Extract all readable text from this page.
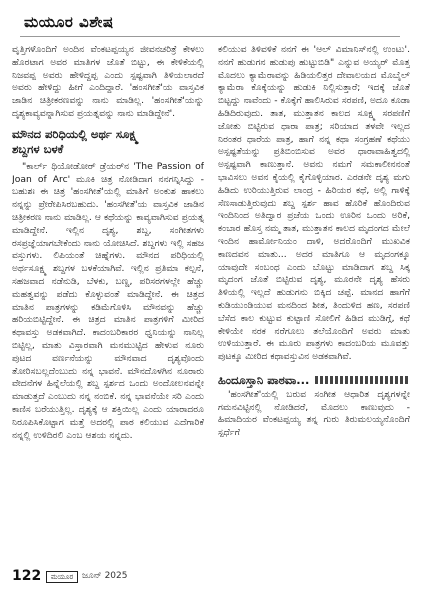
ಮಯೂರ ವಿಶೇಷ

ವೃತ್ತಿಗಳೊಂದಿಗೆ ಅಂದಿನ ವೆಂಕಟಪ್ಪಯ್ಯನ ಜೀವನಚರಿತ್ರೆ ಕೇಳಲು ಹೊರಟಾಗ ಅವರ ಮಾತಿಗಳ ಜೊತೆ ಬಿಟ್ಟು, ಈ ಕೇಳಿಕೆಯಲ್ಲಿ ನಿಜವಪ್ಪ ಅವರು ಹೇಳಿದ್ದಪ್ಪ ಎಂದು ಸ್ಪಷ್ಟವಾಗಿ ತಿಳಿಯಲಾರದೆ ಅವರು ಹೇಳಿದ್ದು ಹೀಗೆ ಎಂದಿದ್ದಾರೆ. 'ಹಂಸಗೀತೆ'ಯ ವಾಸ್ತವಿಕ ಜಾಡಿನ ಚಿತ್ರೀಕರಣವನ್ನು ನಾನು ಮಾಡಿಲ್ಲ. 'ಹಂಸಗೀತೆ'ಯನ್ನು ದೃಶ್ಯಕಾವ್ಯವನ್ನಾಗಿಸುವ ಪ್ರಯತ್ನವನ್ನು ನಾನು ಮಾಡಿದ್ದೇನೆ'.

ಮೌನದ ಪರಿಧಿಯಲ್ಲಿ ಅರ್ಥ ಸೂಕ್ಷ್ಮ
ಶಬ್ದಗಳ ಬಳಕೆ

"ಕಾರ್ಲ್ ಥಿಯೋಡೋರ್ ಡ್ರೆಯರ್‌ನ 'The Passion of Joan of Arc' ಮೂಕಿ ಚಿತ್ರ ನೋಡಿದಾಗ ನನಗನ್ನಿಸಿದ್ದು - ಬಹುಶಃ ಈ ಚಿತ್ರ 'ಹಂಸಗೀತೆ'ಯಲ್ಲಿ ಮಾತಿಗೆ ಅಂಕುಶ ಹಾಕಲು ನನ್ನನ್ನು ಪ್ರೇರೇಪಿಸಿರಬಹುದು. 'ಹಂಸಗೀತೆ'ಯ ವಾಸ್ತವಿಕ ಜಾಡಿನ ಚಿತ್ರೀಕರಣ ನಾನು ಮಾಡಿಲ್ಲ. ಆ ಕಥೆಯನ್ನು ಕಾವ್ಯವಾಗಿಸುವ ಪ್ರಯತ್ನ ಮಾಡಿದ್ದೇನೆ. ಇಲ್ಲಿನ ದೃಶ್ಯ, ಶಬ್ದ, ಸಂಗೀತಗಳು ರಸಪ್ರಜ್ಞೆಯಾಗಬೇಕೆಂದು ನಾನು ಯೋಚಿಸಿದೆ. ಶಬ್ದಗಳು ಇಲ್ಲಿ ಸಹಜ ವಸ್ತುಗಳು. ಲಿಪಿಯಂತೆ ಚಿಹ್ನೆಗಳು. ಮೌನದ ಪರಿಧಿಯಲ್ಲಿ ಅರ್ಥಸೂಕ್ಷ್ಮ ಶಬ್ದಗಳ ಬಳಕೆಯಾಗಿವೆ. ಇಲ್ಲಿನ ಪ್ರತಿಮಾ ಕಲ್ಪನೆ, ಸಹಜವಾದ ನಡೆನುಡಿ, ಬೆಳಕು, ಬಣ್ಣ, ಪರಿಸರಗಳಲ್ಲೇ ಹೆಚ್ಚು ಮಹತ್ವವನ್ನು ಪಡೆದು ಕೊಳ್ಳುವಂತೆ ಮಾಡಿದ್ದೇನೆ. ಈ ಚಿತ್ರದ ಮಾತಿನ ಪಾತ್ರಗಳನ್ನು ಕಡಿಮೆಗೊಳಿಸಿ ಮೌನವನ್ನು ಹೆಚ್ಚು ಹರಿಯಬಿಟ್ಟಿದ್ದೇನೆ. ಈ ಚಿತ್ರದ ಮಾತಿನ ಪಾತ್ರಗಳಿಗೆ ಮೀರಿದ ಕಥಾವಸ್ತು ಅಡಕವಾಗಿದೆ. ಕಾದಂಬರಿಕಾರರ ಧ್ವನಿಯನ್ನು ನಾನಿಲ್ಲ ಬಿಟ್ಟಿಲ್ಲ, ಮಾತು ವಿಸ್ತಾರವಾಗಿ ಮನಮುಟ್ಟಿದ ಹೇಳುವ ನೂರು ಪುಟದ ವರ್ಣನೆಯನ್ನು ಮೌನವಾದ ದೃಶ್ಯವೊಂದು ತೋರಿಸಬಲ್ಲದೆಂಬುದು ನನ್ನ ಭಾವನೆ. ಮೌನದೊಳಗಿನ ನೂರಾರು ವೇದನೆಗಳ ಹಿನ್ನೆಲೆಯಲ್ಲಿ ಶಬ್ದ ಸ್ಪರ್ಶದ ಒಂದು ಅಂದೋಲನವನ್ನೇ ಮಾಡುತ್ತದೆ ಎಂಬುದು ನನ್ನ ನಂಬಿಕೆ. ನನ್ನ ಭಾವನೆಯೇ ಸರಿ ಎಂದು ಕಾಣಿಸ ಬರೆಯುತ್ತಿಲ್ಲ. ದೃಶ್ಯಕ್ಕೆ ಆ ಶಕ್ತಿಯಿಲ್ಲ ಎಂದು ಯಾರಾದರೂ ನಿರೂಪಿಸಿಕೊಟ್ಟಾಗ ಮತ್ತೆ ಅದರಲ್ಲಿ ಪಾಠ ಕಲಿಯುವ ಎದೆಗಾರಿಕೆ ನನ್ನಲ್ಲಿ ಉಳಿದಿರಲಿ ಎಂಬ ಆಶಯ ನನ್ನದು.

ಕಲಿಯುವ ತಿಳಿವಳಿಕೆ ನನಗೆ ಈ 'ಆಲ್ ವಿಮಾನಿಸ್‌ನಲ್ಲಿ ಉಂಟು'. ನನಗೆ ಹುಡುಗನ ಹುಡುಪು ಹುಟ್ಟುಬಿಡಿ" ಎನ್ನುವ ಅಯ್ಯರ್ ಮೊತ್ತ ಮೊದಲು ಕ್ಯಾಮೆರಾವನ್ನು ಹಿಡಿಯಲಿತ್ತರ ದೇವಾಲಯದ ಮೊಬೈಲ್ ಕ್ಯಾಮೆರಾ ಕೊಕ್ಕೆಯನ್ನು ಹುಡುಕಿ ನಿಲ್ಲಿಸುತ್ತಾರೆ; ಇದಕ್ಕೆ ಜೊತೆ ಬಿಟ್ಟದ್ದು ನಾವೆಂದು - ಕೊಕ್ಕೆಗೆ ಹಾಲಿಸಿರುವ ಸರಪಣಿ, ಅದೂ ಕೂಡಾ ಹಿಡಿದಿರುವುದು. ತಾತ, ಮುತ್ತಾತನ ಕಾಲದ ಸೂಕ್ಷ್ಮ ಸರಪಣಿಗೆ ಜೋತು ಬಿಟ್ಟಿರುವ ಧಾರಾ ಪಾತ್ರ; ಸರಿಯಾದ ತಳವೇ ಇಲ್ಲದ ನಿರಂತರ ಧಾರೆಯ ಪಾತ್ರ, ಹಾಗೆ ನನ್ನ ಕಥಾ ಸಂಗ್ರಹಣೆ ಕಥೆಯು ಅಸ್ಪಷ್ಟತೆಯನ್ನು ಪ್ರತಿಬಿಂಬಿಸುವ ಅವರ ಧಾರಾವಾಹಿತ್ವದಲ್ಲಿ ಅಸ್ಪಷ್ಟವಾಗಿ ಕಾಣುತ್ತಾನೆ. ಅವನು ನಮಗೆ ಸಮಕಾಲೀನನಂತೆ ಭಾವಿಸಲು ಅವನ ಕೈಯಲ್ಲಿ ಕೈಗೊಳ್ಳಿಯಾರ. ಎರಡನೇ ದೃಶ್ಯ ಮಗು ಹಿಡಿದು ಉರಿಯುತ್ತಿರುವ ಲಾಂದ್ರ - ಹಿರಿಯರ ಕಥೆ, ಅಲ್ಲಿ ಗಾಳಿಕ್ಕೆ ಸೆಣಸಾಡುತ್ತಿರುವುದು ಶಬ್ದ ಸ್ಪರ್ಶ ಹಾವ ಹೊರಿಕೆ ಹೊಂದಿರುವ ಇಂದಿನಿಂದ ಅತಿದ್ವಾರ ಪ್ರಜೆಯ ಒಂದು ಊರಿನ ಒಂದು ಅರಿಕೆ, ಕಂಬಾರ ಹೊಸ್ತ ನಮ್ಮ ತಾತ, ಮುತ್ತಾತನ ಕಾಲದ ಮೃದಂಗದ ಮೇಲೆ ಇಂದಿನ ಹಾರ್ಮೋನಿಯಂ ದಾಳಿ, ಅದರೊಂದಿಗೆ ಮುಖವಿಕ ಕಾಣದವನ ಮಾತು... ಅದರ ಮಾತಿಗೂ ಆ ಮೃದಂಗಕ್ಕೂ ಯಾವುದೇ ಸಂಬಂಧ ಎಂದು ಬೊಟ್ಟು ಮಾಡಿದಾಗ ಶಬ್ದ ಸಿಕ್ಕ ಮೃದಂಗ ಜೊತೆ ಬಿಟ್ಟಿರುವ ದೃಶ್ಯ, ಮೂರನೇ ದೃಶ್ಯ ಹೆಸರು ತಿಳಿಯಲ್ಲಿ ಇಲ್ಲದೆ ಹುಡುಗನು ಬಿಕ್ಕಿದ ಚಪ್ಪೆ. ಮಾನದ ಹಾಗೆಗೆ ಕುಡಿಯುಂಡಿಯುವ ಮನದಿಂದ ಶೀತ, ತಿಂದುಳಿದ ಹಣ, ಸರಪಣಿ ಬೆಸೆದ ಕಾಲ ಕುಟ್ಟುವ ಕುಟ್ಟಾಣಿ ಸೋಲಿಗೆ ಹಿಡಿದ ಮುಡಿಗ್ಗೆ, ಕಥೆ ಕೇಳಿಯೇ ನರಕ ನರೆಗೂಲು ತಲೆಯೊಂದಿಗೆ ಅವರು ಮಾತು ಉಳಿಯುತ್ತಾರೆ. ಈ ಮೂರು ಪಾತ್ರಗಳು ಕಾದಂಬರಿಯ ಮೂವತ್ತು ಪುಟಕ್ಕೂ ಮೀರಿದ ಕಥಾವಸ್ತುವಿನ ಅಡಕವಾಗಿವೆ.

ಹಿಂದೂಸ್ತಾನಿ ಪಾಠವಾ...

'ಹಂಸಗೀತೆ'ಯಲ್ಲಿ ಬರುವ ಸಂಗೀತ ಆಧಾರಿತ ದೃಶ್ಯಗಳನ್ನೇ ಗಮನವಿಟ್ಟಿನಲ್ಲಿ ನೋಡಿದರೆ, ಮೊದಲು ಕಾಣುವುದು - ಹಿಮಾದಿಯರ ವೆಂಕಟಪ್ಪಯ್ಯ ತನ್ನ ಗುರು ತಿರುಮಲಯ್ಯನೊಂದಿಗೆ ಸ್ಪರ್ಧೆಗೆ

122	ಮಯೂರ ಜೂನ್ 2025
